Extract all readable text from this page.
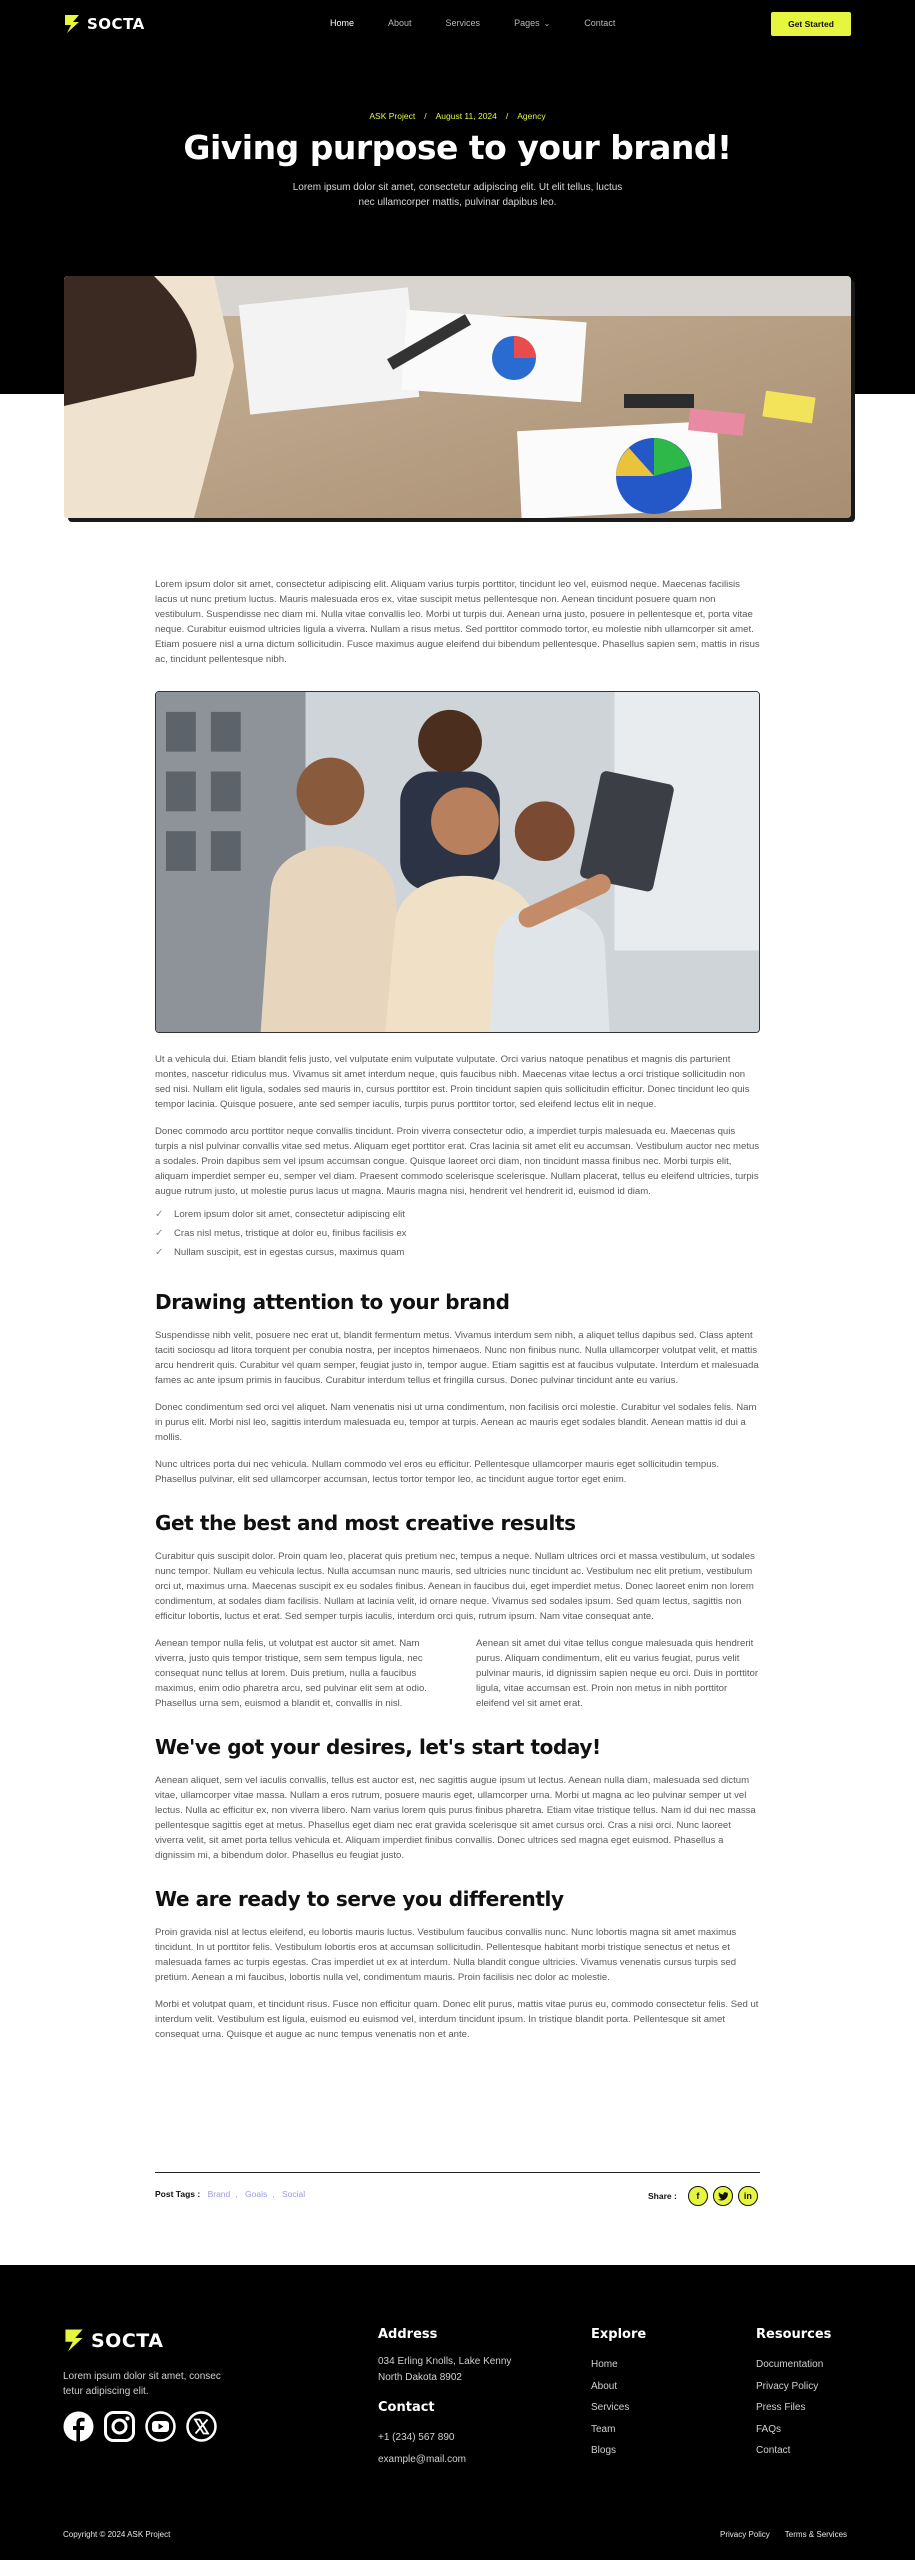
SOCTA	Home	About	Services	Pages ⌄	Contact	Get Started
ASK Project / August 11, 2024 / Agency
Giving purpose to your brand!

Lorem ipsum dolor sit amet, consectetur adipiscing elit. Ut elit tellus, luctus nec ullamcorper mattis, pulvinar dapibus leo.

Lorem ipsum dolor sit amet, consectetur adipiscing elit. Aliquam varius turpis porttitor, tincidunt leo vel, euismod neque. Maecenas facilisis lacus ut nunc pretium luctus. Mauris malesuada eros ex, vitae suscipit metus pellentesque non. Aenean tincidunt posuere quam non vestibulum. Suspendisse nec diam mi. Nulla vitae convallis leo. Morbi ut turpis dui. Aenean urna justo, posuere in pellentesque et, porta vitae neque. Curabitur euismod ultricies ligula a viverra. Nullam a risus metus. Sed porttitor commodo tortor, eu molestie nibh ullamcorper sit amet. Etiam posuere nisl a urna dictum sollicitudin. Fusce maximus augue eleifend dui bibendum pellentesque. Phasellus sapien sem, mattis in risus ac, tincidunt pellentesque nibh.

Ut a vehicula dui. Etiam blandit felis justo, vel vulputate enim vulputate vulputate. Orci varius natoque penatibus et magnis dis parturient montes, nascetur ridiculus mus. Vivamus sit amet interdum neque, quis faucibus nibh. Maecenas vitae lectus a orci tristique sollicitudin non sed nisi. Nullam elit ligula, sodales sed mauris in, cursus porttitor est. Proin tincidunt sapien quis sollicitudin efficitur. Donec tincidunt leo quis tempor lacinia. Quisque posuere, ante sed semper iaculis, turpis purus porttitor tortor, sed eleifend lectus elit in neque.

Donec commodo arcu porttitor neque convallis tincidunt. Proin viverra consectetur odio, a imperdiet turpis malesuada eu. Maecenas quis turpis a nisl pulvinar convallis vitae sed metus. Aliquam eget porttitor erat. Cras lacinia sit amet elit eu accumsan. Vestibulum auctor nec metus a sodales. Proin dapibus sem vel ipsum accumsan congue. Quisque laoreet orci diam, non tincidunt massa finibus nec. Morbi turpis elit, aliquam imperdiet semper eu, semper vel diam. Praesent commodo scelerisque scelerisque. Nullam placerat, tellus eu eleifend ultricies, turpis augue rutrum justo, ut molestie purus lacus ut magna. Mauris magna nisi, hendrerit vel hendrerit id, euismod id diam.

✓ Lorem ipsum dolor sit amet, consectetur adipiscing elit
✓ Cras nisl metus, tristique at dolor eu, finibus facilisis ex
✓ Nullam suscipit, est in egestas cursus, maximus quam
Drawing attention to your brand

Suspendisse nibh velit, posuere nec erat ut, blandit fermentum metus. Vivamus interdum sem nibh, a aliquet tellus dapibus sed. Class aptent taciti sociosqu ad litora torquent per conubia nostra, per inceptos himenaeos. Nunc non finibus nunc. Nulla ullamcorper volutpat velit, et mattis arcu hendrerit quis. Curabitur vel quam semper, feugiat justo in, tempor augue. Etiam sagittis est at faucibus vulputate. Interdum et malesuada fames ac ante ipsum primis in faucibus. Curabitur interdum tellus et fringilla cursus. Donec pulvinar tincidunt ante eu varius.

Donec condimentum sed orci vel aliquet. Nam venenatis nisi ut urna condimentum, non facilisis orci molestie. Curabitur vel sodales felis. Nam in purus elit. Morbi nisl leo, sagittis interdum malesuada eu, tempor at turpis. Aenean ac mauris eget sodales blandit. Aenean mattis id dui a mollis.

Nunc ultrices porta dui nec vehicula. Nullam commodo vel eros eu efficitur. Pellentesque ullamcorper mauris eget sollicitudin tempus. Phasellus pulvinar, elit sed ullamcorper accumsan, lectus tortor tempor leo, ac tincidunt augue tortor eget enim.

Get the best and most creative results

Curabitur quis suscipit dolor. Proin quam leo, placerat quis pretium nec, tempus a neque. Nullam ultrices orci et massa vestibulum, ut sodales nunc tempor. Nullam eu vehicula lectus. Nulla accumsan nunc mauris, sed ultricies nunc tincidunt ac. Vestibulum nec elit pretium, vestibulum orci ut, maximus urna. Maecenas suscipit ex eu sodales finibus. Aenean in faucibus dui, eget imperdiet metus. Donec laoreet enim non lorem condimentum, at sodales diam facilisis. Nullam at lacinia velit, id ornare neque. Vivamus sed sodales ipsum. Sed quam lectus, sagittis non efficitur lobortis, luctus et erat. Sed semper turpis iaculis, interdum orci quis, rutrum ipsum. Nam vitae consequat ante.

Aenean tempor nulla felis, ut volutpat est auctor sit amet. Nam viverra, justo quis tempor tristique, sem sem tempus ligula, nec consequat nunc tellus at lorem. Duis pretium, nulla a faucibus maximus, enim odio pharetra arcu, sed pulvinar elit sem at odio. Phasellus urna sem, euismod a blandit et, convallis in nisl.

Aenean sit amet dui vitae tellus congue malesuada quis hendrerit purus. Aliquam condimentum, elit eu varius feugiat, purus velit pulvinar mauris, id dignissim sapien neque eu orci. Duis in porttitor ligula, vitae accumsan est. Proin non metus in nibh porttitor eleifend vel sit amet erat.

We've got your desires, let's start today!

Aenean aliquet, sem vel iaculis convallis, tellus est auctor est, nec sagittis augue ipsum ut lectus. Aenean nulla diam, malesuada sed dictum vitae, ullamcorper vitae massa. Nullam a eros rutrum, posuere mauris eget, ullamcorper urna. Morbi ut magna ac leo pulvinar semper ut vel lectus. Nulla ac efficitur ex, non viverra libero. Nam varius lorem quis purus finibus pharetra. Etiam vitae tristique tellus. Nam id dui nec massa pellentesque sagittis eget at metus. Phasellus eget diam nec erat gravida scelerisque sit amet cursus orci. Cras a nisi orci. Nunc laoreet viverra velit, sit amet porta tellus vehicula et. Aliquam imperdiet finibus convallis. Donec ultrices sed magna eget euismod. Phasellus a dignissim mi, a bibendum dolor. Phasellus eu feugiat justo.

We are ready to serve you differently

Proin gravida nisl at lectus eleifend, eu lobortis mauris luctus. Vestibulum faucibus convallis nunc. Nunc lobortis magna sit amet maximus tincidunt. In ut porttitor felis. Vestibulum lobortis eros at accumsan sollicitudin. Pellentesque habitant morbi tristique senectus et netus et malesuada fames ac turpis egestas. Cras imperdiet ut ex at interdum. Nulla blandit congue ultricies. Vivamus venenatis cursus turpis sed pretium. Aenean a mi faucibus, lobortis nulla vel, condimentum mauris. Proin facilisis nec dolor ac molestie.

Morbi et volutpat quam, et tincidunt risus. Fusce non efficitur quam. Donec elit purus, mattis vitae purus eu, commodo consectetur felis. Sed ut interdum velit. Vestibulum est ligula, euismod eu euismod vel, interdum tincidunt ipsum. In tristique blandit porta. Pellentesque sit amet consequat urna. Quisque et augue ac nunc tempus venenatis non et ante.

Post Tags : Brand , Goals , Social	Share :	f	in
SOCTA

Lorem ipsum dolor sit amet, consec tetur adipiscing elit.

Address
034 Erling Knolls, Lake Kenny
North Dakota 8902
Contact
+1 (234) 567 890
example@mail.com
Explore
Home
About
Services
Team
Blogs
Resources
Documentation
Privacy Policy
Press Files
FAQs
Contact
Copyright © 2024 ASK Project	Privacy Policy Terms & Services
